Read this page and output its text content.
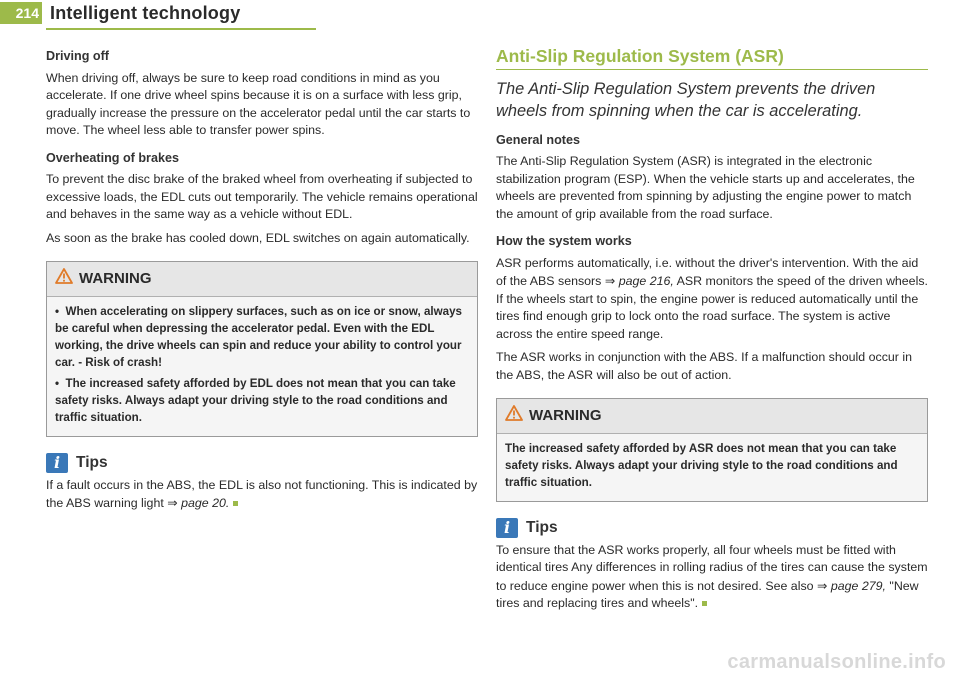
214 Intelligent technology
Driving off

When driving off, always be sure to keep road conditions in mind as you accelerate. If one drive wheel spins because it is on a surface with less grip, gradually increase the pressure on the accelerator pedal until the car starts to move. The wheel less able to transfer power spins.

Overheating of brakes

To prevent the disc brake of the braked wheel from overheating if subjected to excessive loads, the EDL cuts out temporarily. The vehicle remains operational and behaves in the same way as a vehicle without EDL.

As soon as the brake has cooled down, EDL switches on again automatically.

WARNING

• When accelerating on slippery surfaces, such as on ice or snow, always be careful when depressing the accelerator pedal. Even with the EDL working, the drive wheels can spin and reduce your ability to control your car. - Risk of crash!

• The increased safety afforded by EDL does not mean that you can take safety risks. Always adapt your driving style to the road conditions and traffic situation.

i	Tips

If a fault occurs in the ABS, the EDL is also not functioning. This is indicated by the ABS warning light ⇒ page 20.

Anti-Slip Regulation System (ASR)

The Anti-Slip Regulation System prevents the driven wheels from spinning when the car is accelerating.

General notes

The Anti-Slip Regulation System (ASR) is integrated in the electronic stabilization program (ESP). When the vehicle starts up and accelerates, the wheels are prevented from spinning by adjusting the engine power to match the amount of grip available from the road surface.

How the system works

ASR performs automatically, i.e. without the driver's intervention. With the aid of the ABS sensors ⇒ page 216, ASR monitors the speed of the driven wheels. If the wheels start to spin, the engine power is reduced automatically until the tires find enough grip to lock onto the road surface. The system is active across the entire speed range.

The ASR works in conjunction with the ABS. If a malfunction should occur in the ABS, the ASR will also be out of action.

WARNING

The increased safety afforded by ASR does not mean that you can take safety risks. Always adapt your driving style to the road conditions and traffic situation.

i	Tips

To ensure that the ASR works properly, all four wheels must be fitted with identical tires Any differences in rolling radius of the tires can cause the system to reduce engine power when this is not desired. See also ⇒ page 279, "New tires and replacing tires and wheels".

carmanualsonline.info
